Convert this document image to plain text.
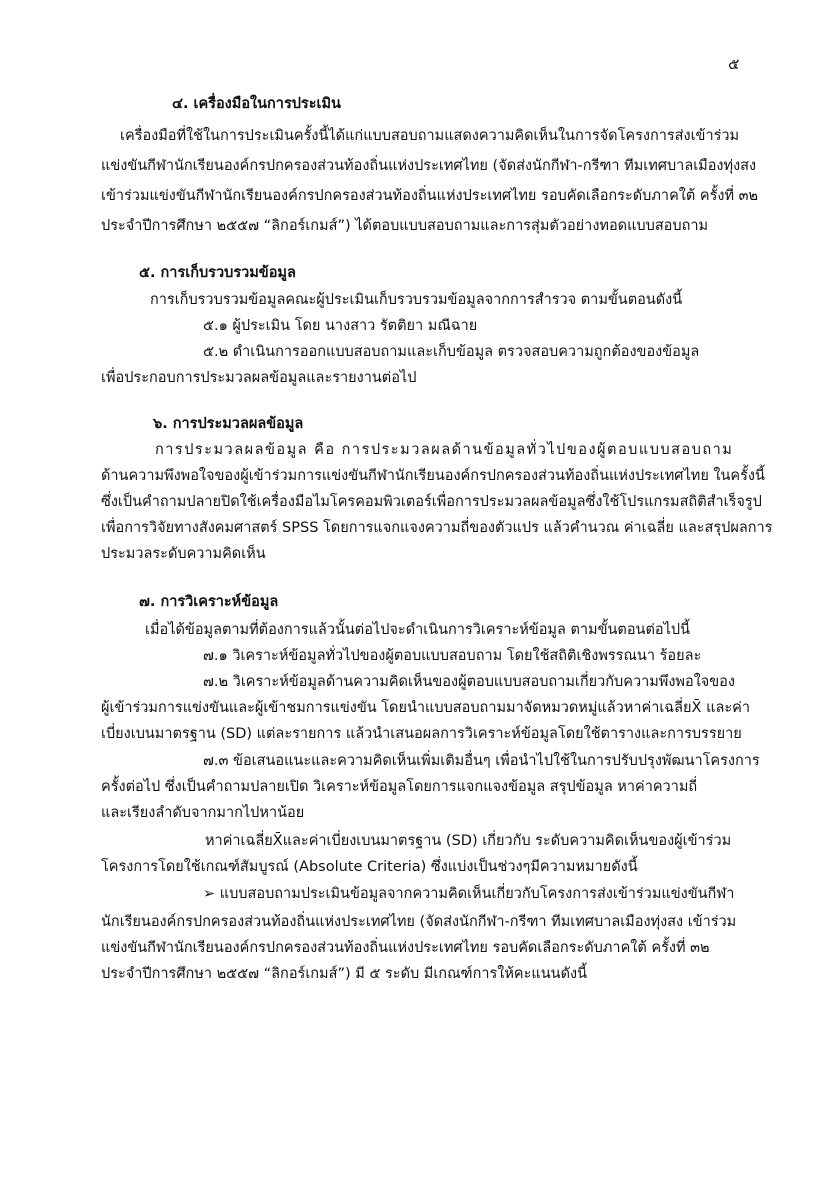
๕
๔. เครื่องมือในการประเมิน
เครื่องมือที่ใช้ในการประเมินครั้งนี้ได้แก่แบบสอบถามแสดงความคิดเห็นในการจัดโครงการส่งเข้าร่วม
แข่งขันกีฬานักเรียนองค์กรปกครองส่วนท้องถิ่นแห่งประเทศไทย (จัดส่งนักกีฬา-กรีฑา ทีมเทศบาลเมืองทุ่งสง
เข้าร่วมแข่งขันกีฬานักเรียนองค์กรปกครองส่วนท้องถิ่นแห่งประเทศไทย รอบคัดเลือกระดับภาคใต้ ครั้งที่ ๓๒
ประจำปีการศึกษา ๒๕๕๗ “ลิกอร์เกมส์”) ได้ตอบแบบสอบถามและการสุ่มตัวอย่างทอดแบบสอบถาม
๕. การเก็บรวบรวมข้อมูล
การเก็บรวบรวมข้อมูลคณะผู้ประเมินเก็บรวบรวมข้อมูลจากการสำรวจ ตามขั้นตอนดังนี้
๕.๑ ผู้ประเมิน โดย นางสาว รัตติยา มณีฉาย
๕.๒ ดำเนินการออกแบบสอบถามและเก็บข้อมูล ตรวจสอบความถูกต้องของข้อมูล
เพื่อประกอบการประมวลผลข้อมูลและรายงานต่อไป
๖. การประมวลผลข้อมูล
การประมวลผลข้อมูล คือ การประมวลผลด้านข้อมูลทั่วไปของผู้ตอบแบบสอบถาม
ด้านความพึงพอใจของผู้เข้าร่วมการแข่งขันกีฬานักเรียนองค์กรปกครองส่วนท้องถิ่นแห่งประเทศไทย ในครั้งนี้
ซึ่งเป็นคำถามปลายปิดใช้เครื่องมือไมโครคอมพิวเตอร์เพื่อการประมวลผลข้อมูลซึ่งใช้โปรแกรมสถิติสำเร็จรูป
เพื่อการวิจัยทางสังคมศาสตร์ SPSS โดยการแจกแจงความถี่ของตัวแปร แล้วคำนวณ ค่าเฉลี่ย และสรุปผลการ
ประมวลระดับความคิดเห็น
๗. การวิเคราะห์ข้อมูล
เมื่อได้ข้อมูลตามที่ต้องการแล้วนั้นต่อไปจะดำเนินการวิเคราะห์ข้อมูล ตามขั้นตอนต่อไปนี้
๗.๑ วิเคราะห์ข้อมูลทั่วไปของผู้ตอบแบบสอบถาม โดยใช้สถิติเชิงพรรณนา ร้อยละ
๗.๒ วิเคราะห์ข้อมูลด้านความคิดเห็นของผู้ตอบแบบสอบถามเกี่ยวกับความพึงพอใจของ
ผู้เข้าร่วมการแข่งขันและผู้เข้าชมการแข่งขัน โดยนำแบบสอบถามมาจัดหมวดหมู่แล้วหาค่าเฉลี่ยX̄ และค่า
เบี่ยงเบนมาตรฐาน (SD) แต่ละรายการ แล้วนำเสนอผลการวิเคราะห์ข้อมูลโดยใช้ตารางและการบรรยาย
๗.๓ ข้อเสนอแนะและความคิดเห็นเพิ่มเติมอื่นๆ เพื่อนำไปใช้ในการปรับปรุงพัฒนาโครงการ
ครั้งต่อไป ซึ่งเป็นคำถามปลายเปิด วิเคราะห์ข้อมูลโดยการแจกแจงข้อมูล สรุปข้อมูล หาค่าความถี่
และเรียงลำดับจากมากไปหาน้อย
หาค่าเฉลี่ยX̄และค่าเบี่ยงเบนมาตรฐาน (SD) เกี่ยวกับ ระดับความคิดเห็นของผู้เข้าร่วม
โครงการโดยใช้เกณฑ์สัมบูรณ์ (Absolute Criteria) ซึ่งแบ่งเป็นช่วงๆมีความหมายดังนี้
➢ แบบสอบถามประเมินข้อมูลจากความคิดเห็นเกี่ยวกับโครงการส่งเข้าร่วมแข่งขันกีฬา
นักเรียนองค์กรปกครองส่วนท้องถิ่นแห่งประเทศไทย (จัดส่งนักกีฬา-กรีฑา ทีมเทศบาลเมืองทุ่งสง เข้าร่วม
แข่งขันกีฬานักเรียนองค์กรปกครองส่วนท้องถิ่นแห่งประเทศไทย รอบคัดเลือกระดับภาคใต้ ครั้งที่ ๓๒
ประจำปีการศึกษา ๒๕๕๗ “ลิกอร์เกมส์”) มี ๕ ระดับ มีเกณฑ์การให้คะแนนดังนี้
